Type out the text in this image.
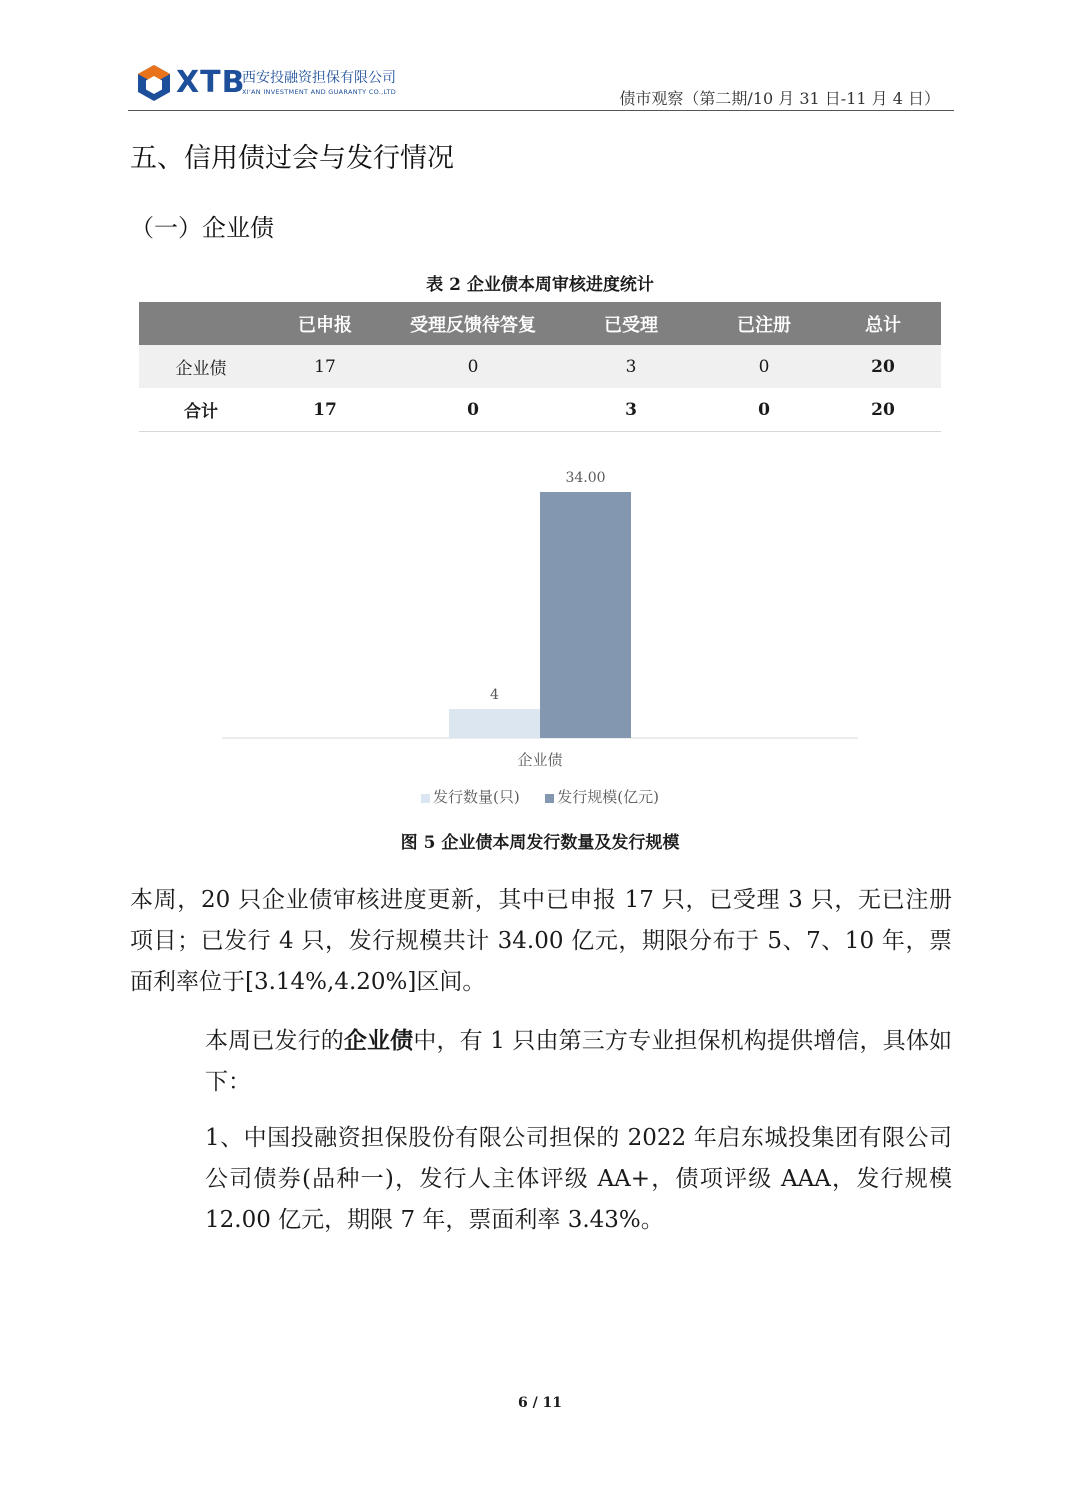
XTB
西安投融资担保有限公司
XI'AN INVESTMENT AND GUARANTY CO.,LTD	债市观察（第二期/10 月 31 日-11 月 4 日）
五、信用债过会与发行情况
（一）企业债
表 2 企业债本周审核进度统计
	已申报	受理反馈待答复	已受理	已注册	总计
企业债	17	0	3	0	20
合计	17	0	3	0	20
4
34.00
企业债
发行数量(只)	发行规模(亿元)
图 5 企业债本周发行数量及发行规模
本周，20 只企业债审核进度更新，其中已申报 17 只，已受理 3 只，无已注册项目；已发行 4 只，发行规模共计 34.00 亿元，期限分布于 5、7、10 年，票面利率位于[3.14%,4.20%]区间。
本周已发行的企业债中，有 1 只由第三方专业担保机构提供增信，具体如下：
1、中国投融资担保股份有限公司担保的 2022 年启东城投集团有限公司公司债券(品种一)，发行人主体评级 AA+，债项评级 AAA，发行规模 12.00 亿元，期限 7 年，票面利率 3.43%。
6 / 11
